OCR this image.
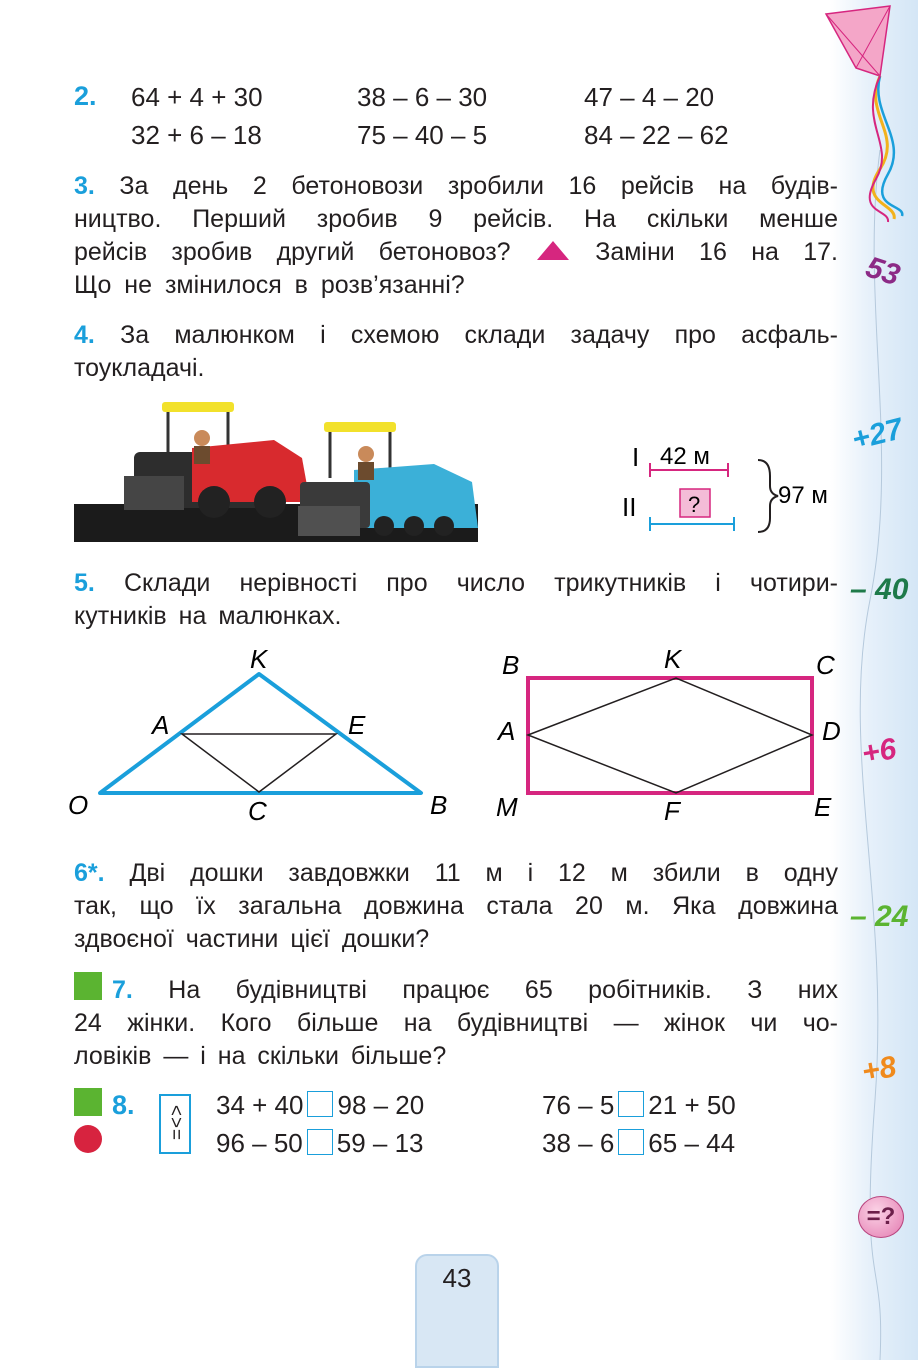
53
+27
– 40
+6
– 24
+8
=?
2. 64 + 4 + 30	38 – 6 – 30	47 – 4 – 20
32 + 6 – 18	75 – 40 – 5	84 – 22 – 62
3. За день 2 бетоновози зробили 16 рейсів на будів-
ництво. Перший зробив 9 рейсів. На скільки менше
рейсів зробив другий бетоновоз?	Заміни 16 на 17.
Що не змінилося в розв’язанні?
4. За малюнком і схемою склади задачу про асфаль-
тоукладачі.
I
II
42 м
?	97 м
5. Склади нерівності про число трикутників і чотири-
кутників на малюнках.
K
A	E
O	C	B
B	K	C
A	D
M	F	E
6*. Дві дошки завдовжки 11 м і 12 м збили в одну
так, що їх загальна довжина стала 20 м. Яка довжина
здвоєної частини цієї дошки?
7. На будівництві працює 65 робітників. З них
24 жінки. Кого більше на будівництві — жінок чи чо-
ловіків — і на скільки більше?
8. <>=
34 + 40 98 – 20	76 – 5 21 + 50
96 – 50 59 – 13	38 – 6 65 – 44
43
